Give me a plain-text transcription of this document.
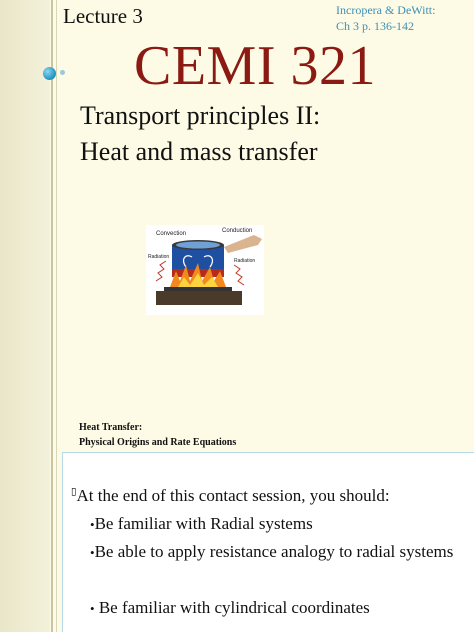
Lecture 3	Incropera & DeWitt:
Ch 3 p. 136-142
CEMI 321
Transport principles II:
Heat and mass transfer
Convection	Conduction
Radiation
Radiation
Heat Transfer:
Physical Origins and Rate Equations
▯At the end of this contact session, you should:
•Be familiar with Radial systems
•Be able to apply resistance analogy to radial systems
• Be familiar with cylindrical coordinates
